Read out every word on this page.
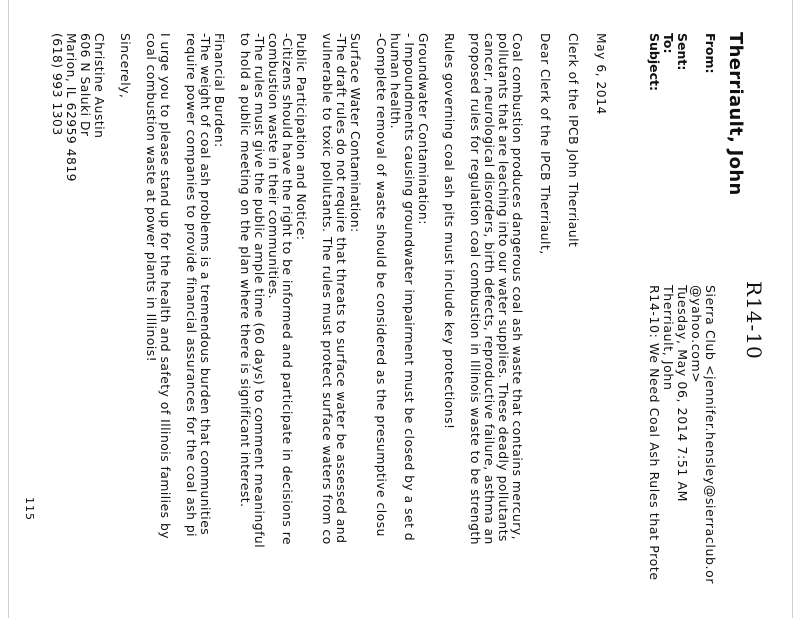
R14-10
Therriault, John
From:
Sent:
To:
Subject:
Sierra Club <jennifer.hensley@sierraclub.or
@yahoo.com>
Tuesday, May 06, 2014 7:51 AM
Therriault, John
R14-10: We Need Coal Ash Rules that Prote
May 6, 2014
Clerk of the IPCB John Therriault
Dear Clerk of the IPCB Therriault,
Coal combustion produces dangerous coal ash waste that contains mercury,
pollutants that are leaching into our water supplies. These deadly pollutants
cancer, neurological disorders, birth defects, reproductive failure, asthma an
proposed rules for regulation coal combustion in Illinois waste to be strength
Rules governing coal ash pits must include key protections!
Groundwater Contamination:
- Impoundments causing groundwater impairment must be closed by a set d
human health.
-Complete removal of waste should be considered as the presumptive closu
Surface Water Contamination:
-The draft rules do not require that threats to surface water be assessed and
vulnerable to toxic pollutants. The rules must protect surface waters from co
Public Participation and Notice:
-Citizens should have the right to be informed and participate in decisions re
combustion waste in their communities.
-The rules must give the public ample time (60 days) to comment meaningful
to hold a public meeting on the plan where there is significant interest.
Financial Burden:
-The weight of coal ash problems is a tremendous burden that communities
require power companies to provide financial assurances for the coal ash pi
I urge you to please stand up for the health and safety of Illinois families by
coal combustion waste at power plants in Illinois!
Sincerely,
Christine Austin
606 N Saluki Dr
Marion, IL 62959 4819
(618) 993 1303
115
